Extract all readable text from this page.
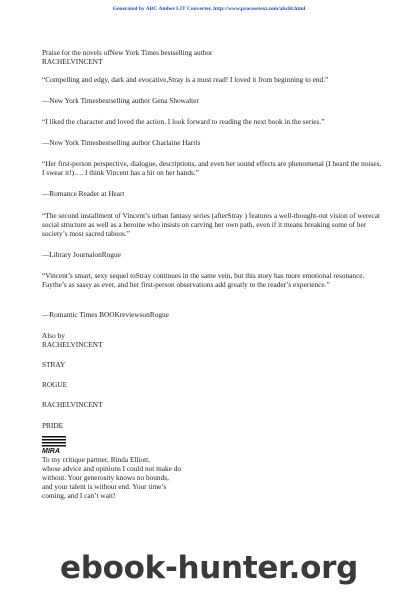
Generated by ABC Amber LIT Converter, http://www.processtext.com/abclit.html

Praise for the novels ofNew York Times bestselling author

RACHELVINCENT

“Compelling and edgy, dark and evocative,Stray is a must read! I loved it from beginning to end.”

—New York Timesbestselling author Gena Showalter

“I liked the character and loved the action. I look forward to reading the next book in the series.”

—New York Timesbestselling author Charlaine Harris

“Her first-person perspective, dialogue, descriptions, and even her sound effects are phenomenal (I heard the noises, I swear it!)…. I think Vincent has a hit on her hands.”

—Romance Reader at Heart

“The second installment of Vincent’s urban fantasy series (afterStray ) features a well-thought-out vision of werecat social structure as well as a heroine who insists on carving her own path, even if it means breaking some of her society’s most sacred taboos.”

—Library JournalonRogue

“Vincent’s smart, sexy sequel toStray continues in the same vein, but this story has more emotional resonance. Faythe’s as sassy as ever, and her first-person observations add greatly to the reader’s experience.”

—Romantic Times BOOKreviewsonRogue

Also by

RACHELVINCENT

STRAY

ROGUE

RACHELVINCENT

PRIDE

To my critique partner, Rinda Elliott,

whose advice and opinions I could not make do

without. Your generosity knows no bounds,

and your talent is without end. Your time’s

coming, and I can’t wait!

MIRA
ebook-hunter.org
